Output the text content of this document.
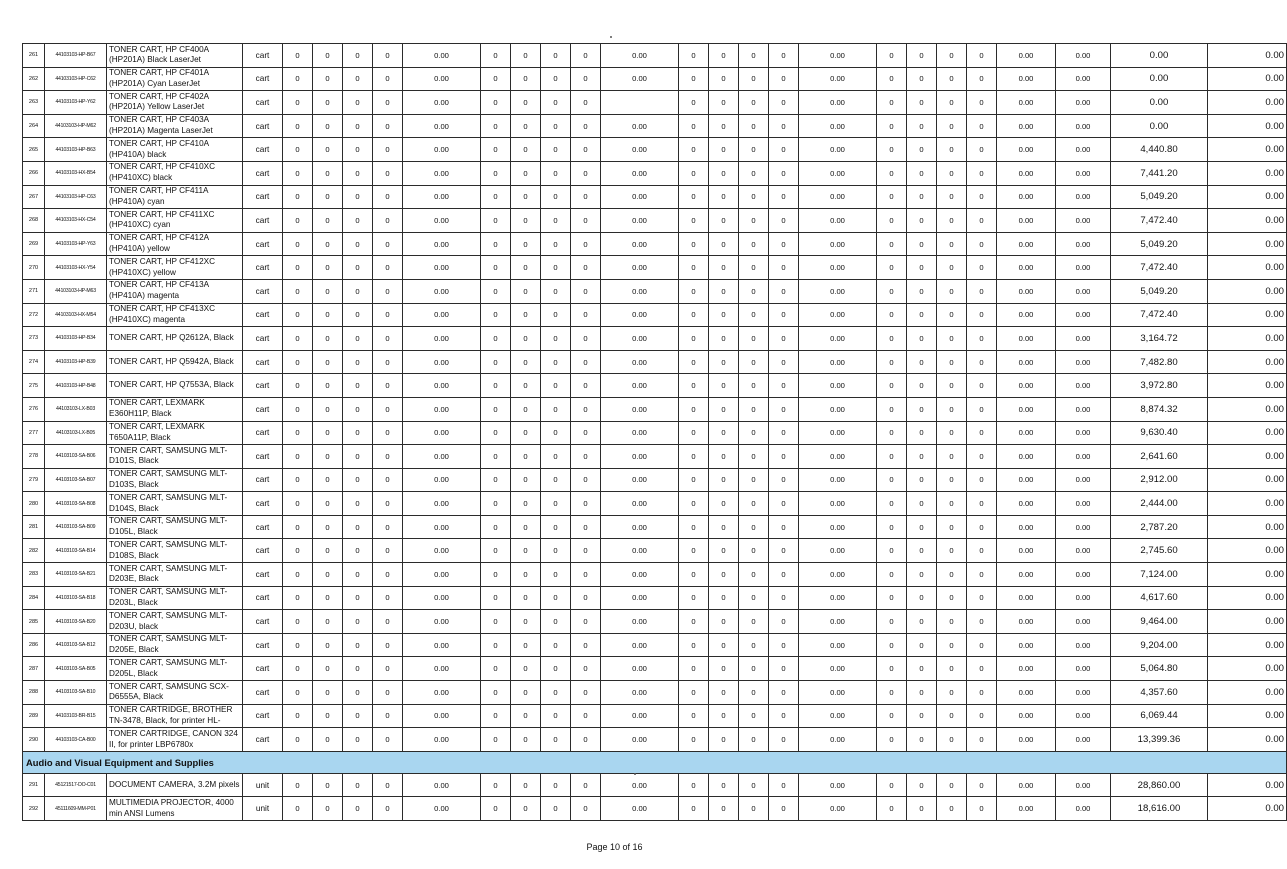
261	44103103-HP-B67	TONER CART, HP CF400A (HP201A) Black LaserJet	cart	0	0	0	0	0.00	0	0	0	0	0.00	0	0	0	0	0.00	0	0	0	0	0.00	0.00	0.00	0.00
262	44103103-HP-C62	TONER CART, HP CF401A (HP201A) Cyan LaserJet	cart	0	0	0	0	0.00	0	0	0	0	0.00	0	0	0	0	0.00	0	0	0	0	0.00	0.00	0.00	0.00
263	44103103-HP-Y62	TONER CART, HP CF402A (HP201A) Yellow LaserJet	cart	0	0	0	0	0.00	0	0	0	0		0	0	0	0	0.00	0	0	0	0	0.00	0.00	0.00	0.00
264	44103103-HP-M62	TONER CART, HP CF403A (HP201A) Magenta LaserJet	cart	0	0	0	0	0.00	0	0	0	0	0.00	0	0	0	0	0.00	0	0	0	0	0.00	0.00	0.00	0.00
265	44103103-HP-B63	TONER CART, HP CF410A (HP410A) black	cart	0	0	0	0	0.00	0	0	0	0	0.00	0	0	0	0	0.00	0	0	0	0	0.00	0.00	4,440.80	0.00
266	44103103-HX-B54	TONER CART, HP CF410XC (HP410XC) black	cart	0	0	0	0	0.00	0	0	0	0	0.00	0	0	0	0	0.00	0	0	0	0	0.00	0.00	7,441.20	0.00
267	44103103-HP-C63	TONER CART, HP CF411A (HP410A) cyan	cart	0	0	0	0	0.00	0	0	0	0	0.00	0	0	0	0	0.00	0	0	0	0	0.00	0.00	5,049.20	0.00
268	44103103-HX-C54	TONER CART, HP CF411XC (HP410XC) cyan	cart	0	0	0	0	0.00	0	0	0	0	0.00	0	0	0	0	0.00	0	0	0	0	0.00	0.00	7,472.40	0.00
269	44103103-HP-Y63	TONER CART, HP CF412A (HP410A) yellow	cart	0	0	0	0	0.00	0	0	0	0	0.00	0	0	0	0	0.00	0	0	0	0	0.00	0.00	5,049.20	0.00
270	44103103-HX-Y54	TONER CART, HP CF412XC (HP410XC) yellow	cart	0	0	0	0	0.00	0	0	0	0	0.00	0	0	0	0	0.00	0	0	0	0	0.00	0.00	7,472.40	0.00
271	44103103-HP-M63	TONER CART, HP CF413A (HP410A) magenta	cart	0	0	0	0	0.00	0	0	0	0	0.00	0	0	0	0	0.00	0	0	0	0	0.00	0.00	5,049.20	0.00
272	44103103-HX-M54	TONER CART, HP CF413XC (HP410XC) magenta	cart	0	0	0	0	0.00	0	0	0	0	0.00	0	0	0	0	0.00	0	0	0	0	0.00	0.00	7,472.40	0.00
273	44103103-HP-B34	TONER CART, HP Q2612A, Black	cart	0	0	0	0	0.00	0	0	0	0	0.00	0	0	0	0	0.00	0	0	0	0	0.00	0.00	3,164.72	0.00
274	44103103-HP-B39	TONER CART, HP Q5942A, Black	cart	0	0	0	0	0.00	0	0	0	0	0.00	0	0	0	0	0.00	0	0	0	0	0.00	0.00	7,482.80	0.00
275	44103103-HP-B48	TONER CART, HP Q7553A, Black	cart	0	0	0	0	0.00	0	0	0	0	0.00	0	0	0	0	0.00	0	0	0	0	0.00	0.00	3,972.80	0.00
276	44103103-LX-B03	TONER CART, LEXMARK E360H11P, Black	cart	0	0	0	0	0.00	0	0	0	0	0.00	0	0	0	0	0.00	0	0	0	0	0.00	0.00	8,874.32	0.00
277	44103103-LX-B05	TONER CART, LEXMARK T650A11P, Black	cart	0	0	0	0	0.00	0	0	0	0	0.00	0	0	0	0	0.00	0	0	0	0	0.00	0.00	9,630.40	0.00
278	44103103-SA-B06	TONER CART, SAMSUNG MLT-D101S, Black	cart	0	0	0	0	0.00	0	0	0	0	0.00	0	0	0	0	0.00	0	0	0	0	0.00	0.00	2,641.60	0.00
279	44103103-SA-B07	TONER CART, SAMSUNG MLT-D103S, Black	cart	0	0	0	0	0.00	0	0	0	0	0.00	0	0	0	0	0.00	0	0	0	0	0.00	0.00	2,912.00	0.00
280	44103103-SA-B08	TONER CART, SAMSUNG MLT-D104S, Black	cart	0	0	0	0	0.00	0	0	0	0	0.00	0	0	0	0	0.00	0	0	0	0	0.00	0.00	2,444.00	0.00
281	44103103-SA-B09	TONER CART, SAMSUNG MLT-D105L, Black	cart	0	0	0	0	0.00	0	0	0	0	0.00	0	0	0	0	0.00	0	0	0	0	0.00	0.00	2,787.20	0.00
282	44103103-SA-B14	TONER CART, SAMSUNG MLT-D108S, Black	cart	0	0	0	0	0.00	0	0	0	0	0.00	0	0	0	0	0.00	0	0	0	0	0.00	0.00	2,745.60	0.00
283	44103103-SA-B21	TONER CART, SAMSUNG MLT-D203E, Black	cart	0	0	0	0	0.00	0	0	0	0	0.00	0	0	0	0	0.00	0	0	0	0	0.00	0.00	7,124.00	0.00
284	44103103-SA-B18	TONER CART, SAMSUNG MLT-D203L, Black	cart	0	0	0	0	0.00	0	0	0	0	0.00	0	0	0	0	0.00	0	0	0	0	0.00	0.00	4,617.60	0.00
285	44103103-SA-B20	TONER CART, SAMSUNG MLT-D203U, black	cart	0	0	0	0	0.00	0	0	0	0	0.00	0	0	0	0	0.00	0	0	0	0	0.00	0.00	9,464.00	0.00
286	44103103-SA-B12	TONER CART, SAMSUNG MLT-D205E, Black	cart	0	0	0	0	0.00	0	0	0	0	0.00	0	0	0	0	0.00	0	0	0	0	0.00	0.00	9,204.00	0.00
287	44103103-SA-B05	TONER CART, SAMSUNG MLT-D205L, Black	cart	0	0	0	0	0.00	0	0	0	0	0.00	0	0	0	0	0.00	0	0	0	0	0.00	0.00	5,064.80	0.00
288	44103103-SA-B10	TONER CART, SAMSUNG SCX-D6555A, Black	cart	0	0	0	0	0.00	0	0	0	0	0.00	0	0	0	0	0.00	0	0	0	0	0.00	0.00	4,357.60	0.00
289	44103103-BR-B15	TONER CARTRIDGE, BROTHER TN-3478, Black, for printer HL-	cart	0	0	0	0	0.00	0	0	0	0	0.00	0	0	0	0	0.00	0	0	0	0	0.00	0.00	6,069.44	0.00
290	44103103-CA-B00	TONER CARTRIDGE, CANON 324 II, for printer LBP6780x	cart	0	0	0	0	0.00	0	0	0	0	0.00	0	0	0	0	0.00	0	0	0	0	0.00	0.00	13,399.36	0.00
Audio and Visual Equipment and Supplies																										
291	45121517-DO-C01	DOCUMENT CAMERA, 3.2M pixels	unit	0	0	0	0	0.00	0	0	0	0	0.00	0	0	0	0	0.00	0	0	0	0	0.00	0.00	28,860.00	0.00
292	45111609-MM-P01	MULTIMEDIA PROJECTOR, 4000 min ANSI Lumens	unit	0	0	0	0	0.00	0	0	0	0	0.00	0	0	0	0	0.00	0	0	0	0	0.00	0.00	18,616.00	0.00
Page 10 of 16
